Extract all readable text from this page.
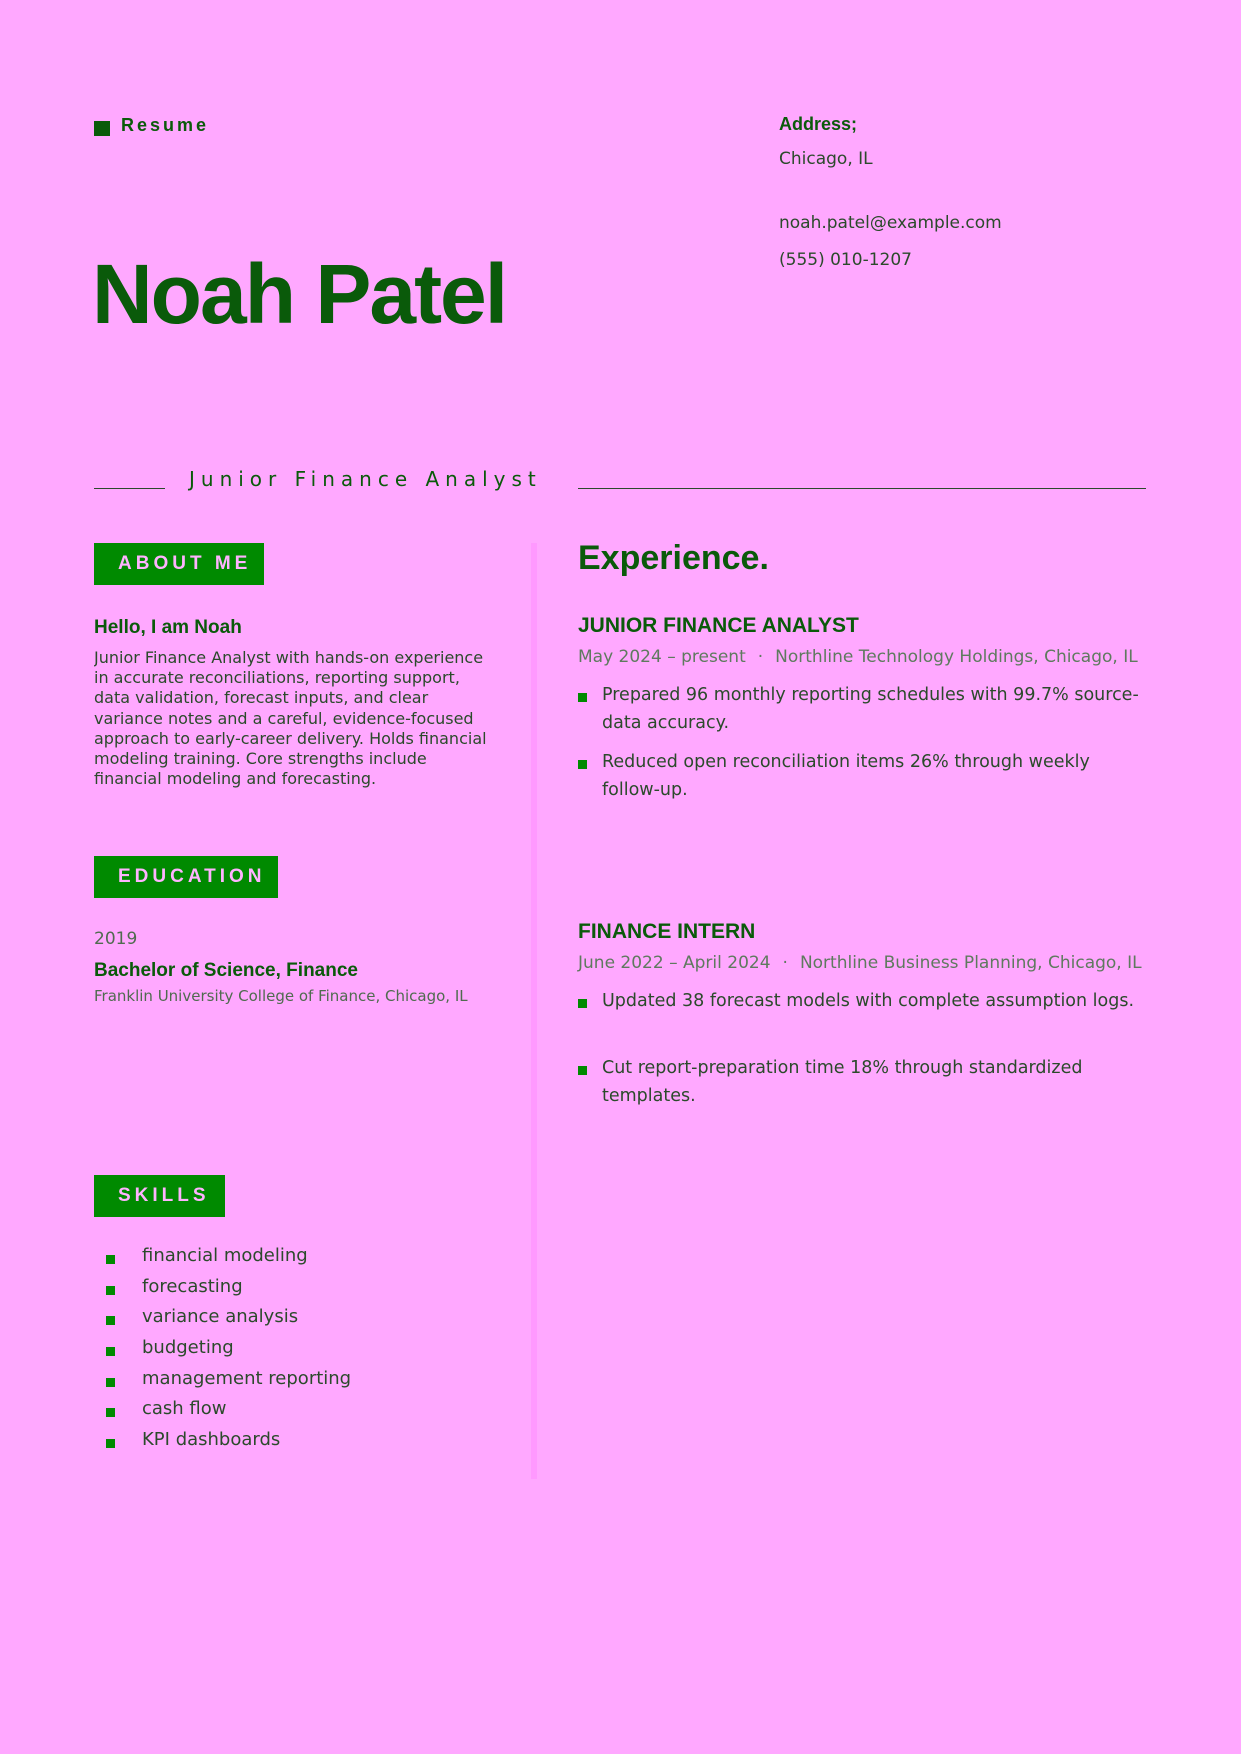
Resume
Noah Patel
Address;
Chicago, IL
noah.patel@example.com
(555) 010-1207
Junior Finance Analyst
ABOUT ME
Hello, I am Noah
Junior Finance Analyst with hands-on experience in accurate reconciliations, reporting support, data validation, forecast inputs, and clear variance notes and a careful, evidence-focused approach to early-career delivery. Holds financial modeling training. Core strengths include financial modeling and forecasting.
EDUCATION
2019
Bachelor of Science, Finance
Franklin University College of Finance, Chicago, IL
SKILLS
financial modeling
forecasting
variance analysis
budgeting
management reporting
cash flow
KPI dashboards
Experience.
JUNIOR FINANCE ANALYST
May 2024 – present · Northline Technology Holdings, Chicago, IL
Prepared 96 monthly reporting schedules with 99.7% source-data accuracy.
Reduced open reconciliation items 26% through weekly follow-up.
FINANCE INTERN
June 2022 – April 2024 · Northline Business Planning, Chicago, IL
Updated 38 forecast models with complete assumption logs.
Cut report-preparation time 18% through standardized templates.
